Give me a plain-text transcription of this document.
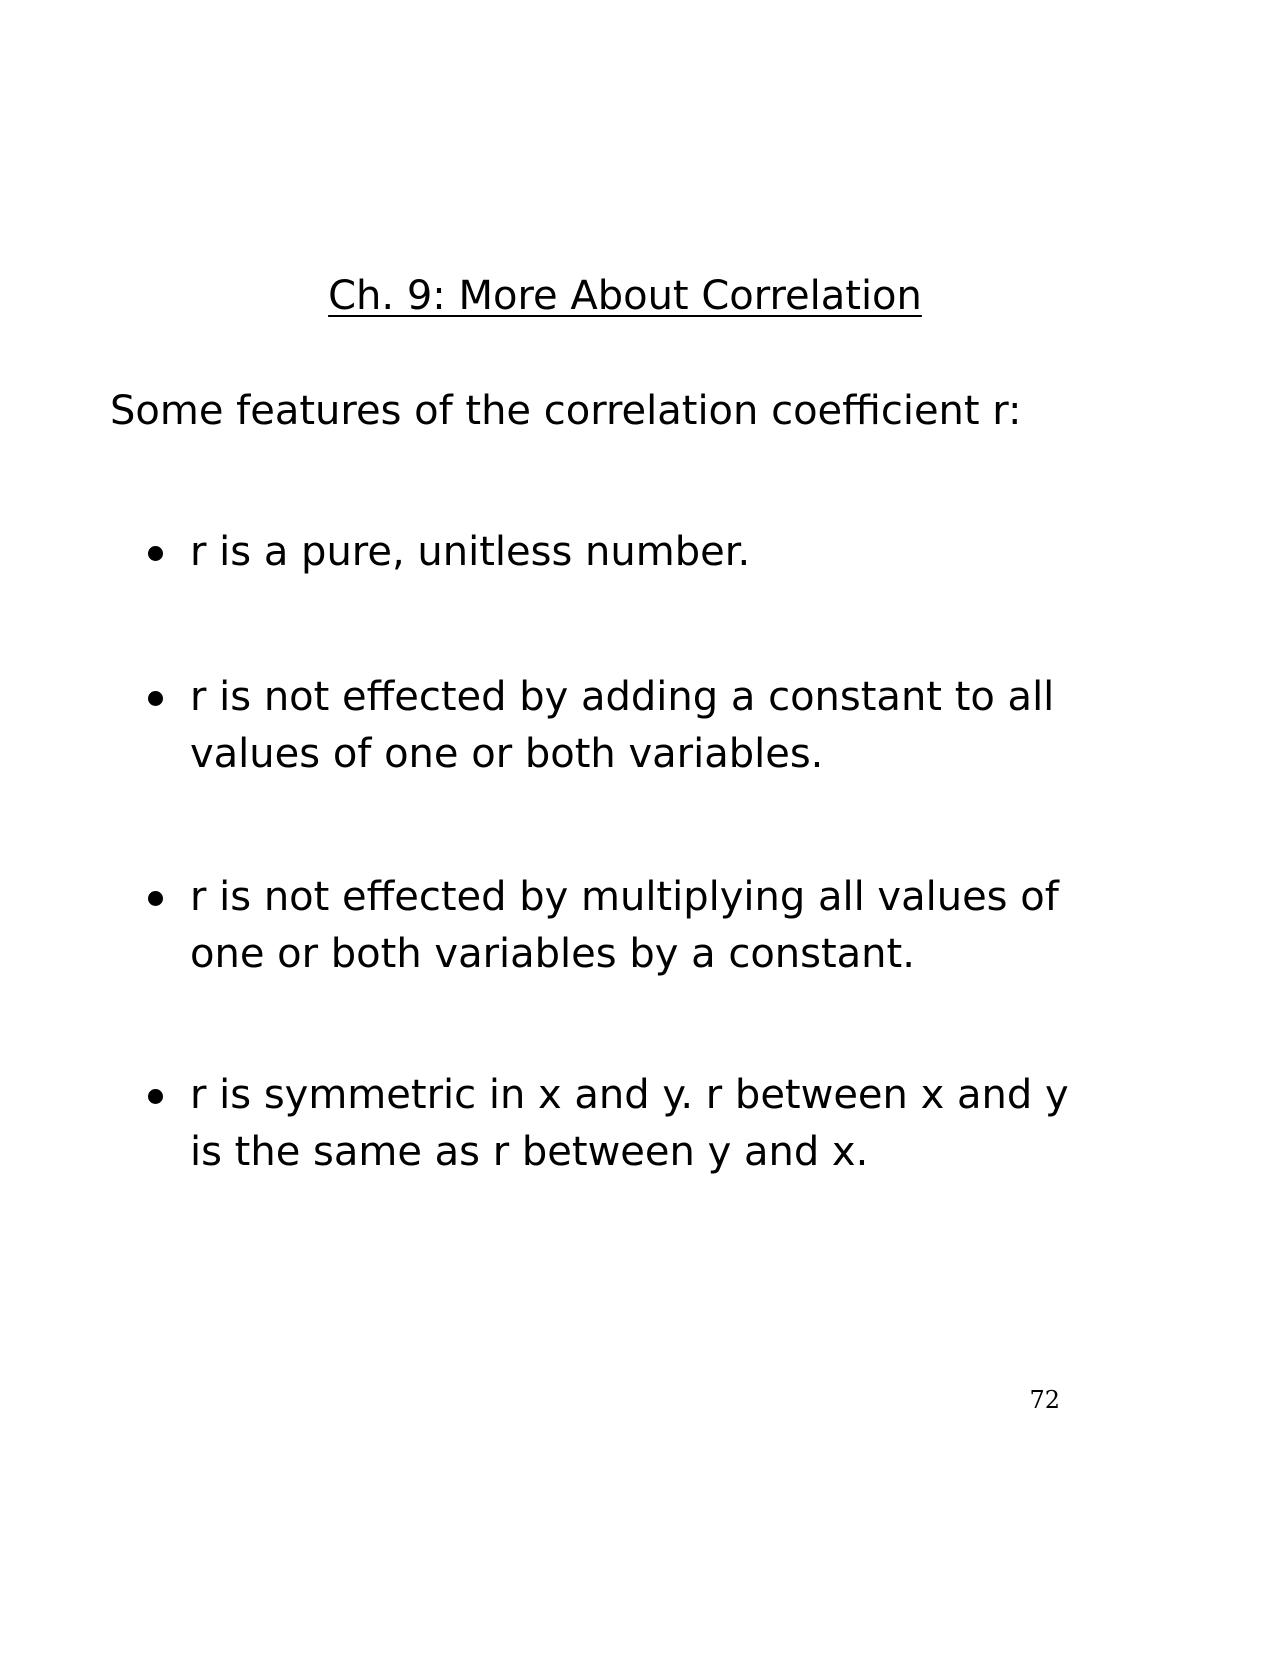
Ch. 9: More About Correlation
Some features of the correlation coefficient r:
r is a pure, unitless number.
r is not effected by adding a constant to all
values of one or both variables.
r is not effected by multiplying all values of
one or both variables by a constant.
r is symmetric in x and y. r between x and y
is the same as r between y and x.
72
